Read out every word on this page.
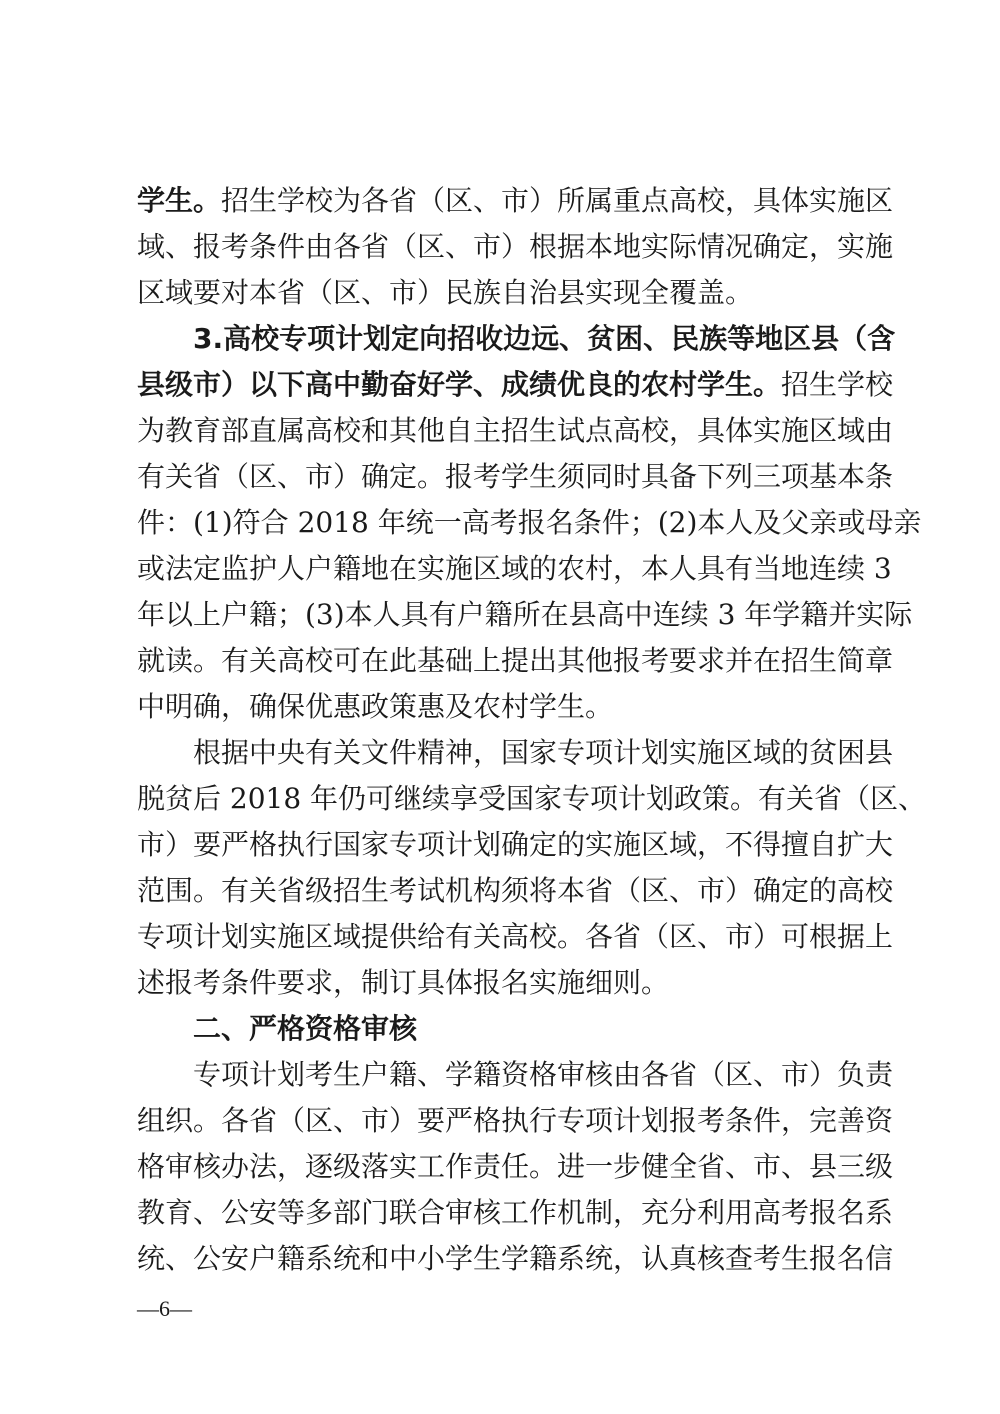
学生。招生学校为各省（区、市）所属重点高校，具体实施区
域、报考条件由各省（区、市）根据本地实际情况确定，实施
区域要对本省（区、市）民族自治县实现全覆盖。
3.高校专项计划定向招收边远、贫困、民族等地区县（含
县级市）以下高中勤奋好学、成绩优良的农村学生。招生学校
为教育部直属高校和其他自主招生试点高校，具体实施区域由
有关省（区、市）确定。报考学生须同时具备下列三项基本条
件：(1)符合 2018 年统一高考报名条件；(2)本人及父亲或母亲
或法定监护人户籍地在实施区域的农村，本人具有当地连续 3
年以上户籍；(3)本人具有户籍所在县高中连续 3 年学籍并实际
就读。有关高校可在此基础上提出其他报考要求并在招生简章
中明确，确保优惠政策惠及农村学生。
根据中央有关文件精神，国家专项计划实施区域的贫困县
脱贫后 2018 年仍可继续享受国家专项计划政策。有关省（区、
市）要严格执行国家专项计划确定的实施区域，不得擅自扩大
范围。有关省级招生考试机构须将本省（区、市）确定的高校
专项计划实施区域提供给有关高校。各省（区、市）可根据上
述报考条件要求，制订具体报名实施细则。
二、严格资格审核
专项计划考生户籍、学籍资格审核由各省（区、市）负责
组织。各省（区、市）要严格执行专项计划报考条件，完善资
格审核办法，逐级落实工作责任。进一步健全省、市、县三级
教育、公安等多部门联合审核工作机制，充分利用高考报名系
统、公安户籍系统和中小学生学籍系统，认真核查考生报名信
—6—
